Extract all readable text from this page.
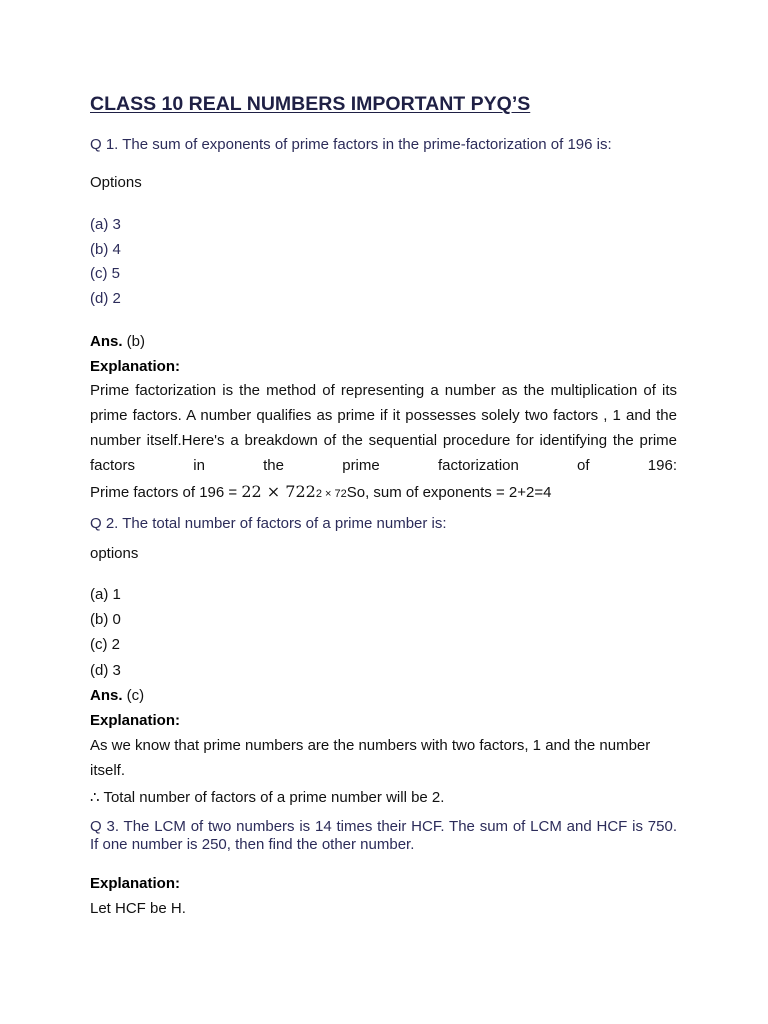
CLASS 10 REAL NUMBERS IMPORTANT PYQ’S
Q 1. The sum of exponents of prime factors in the prime-factorization of 196 is:
Options
(a) 3
(b) 4
(c) 5
(d) 2
Ans. (b)
Explanation:
Prime factorization is the method of representing a number as the multiplication of its prime factors. A number qualifies as prime if it possesses solely two factors , 1 and the number itself.Here's a breakdown of the sequential procedure for identifying the prime factors in the prime factorization of 196:
Prime factors of 196 = 22 × 7222 × 72So, sum of exponents = 2+2=4
Q 2. The total number of factors of a prime number is:
options
(a) 1
(b) 0
(c) 2
(d) 3
Ans. (c)
Explanation:
As we know that prime numbers are the numbers with two factors, 1 and the number itself.
∴ Total number of factors of a prime number will be 2.
Q 3. The LCM of two numbers is 14 times their HCF. The sum of LCM and HCF is 750. If one number is 250, then find the other number.
Explanation:
Let HCF be H.
